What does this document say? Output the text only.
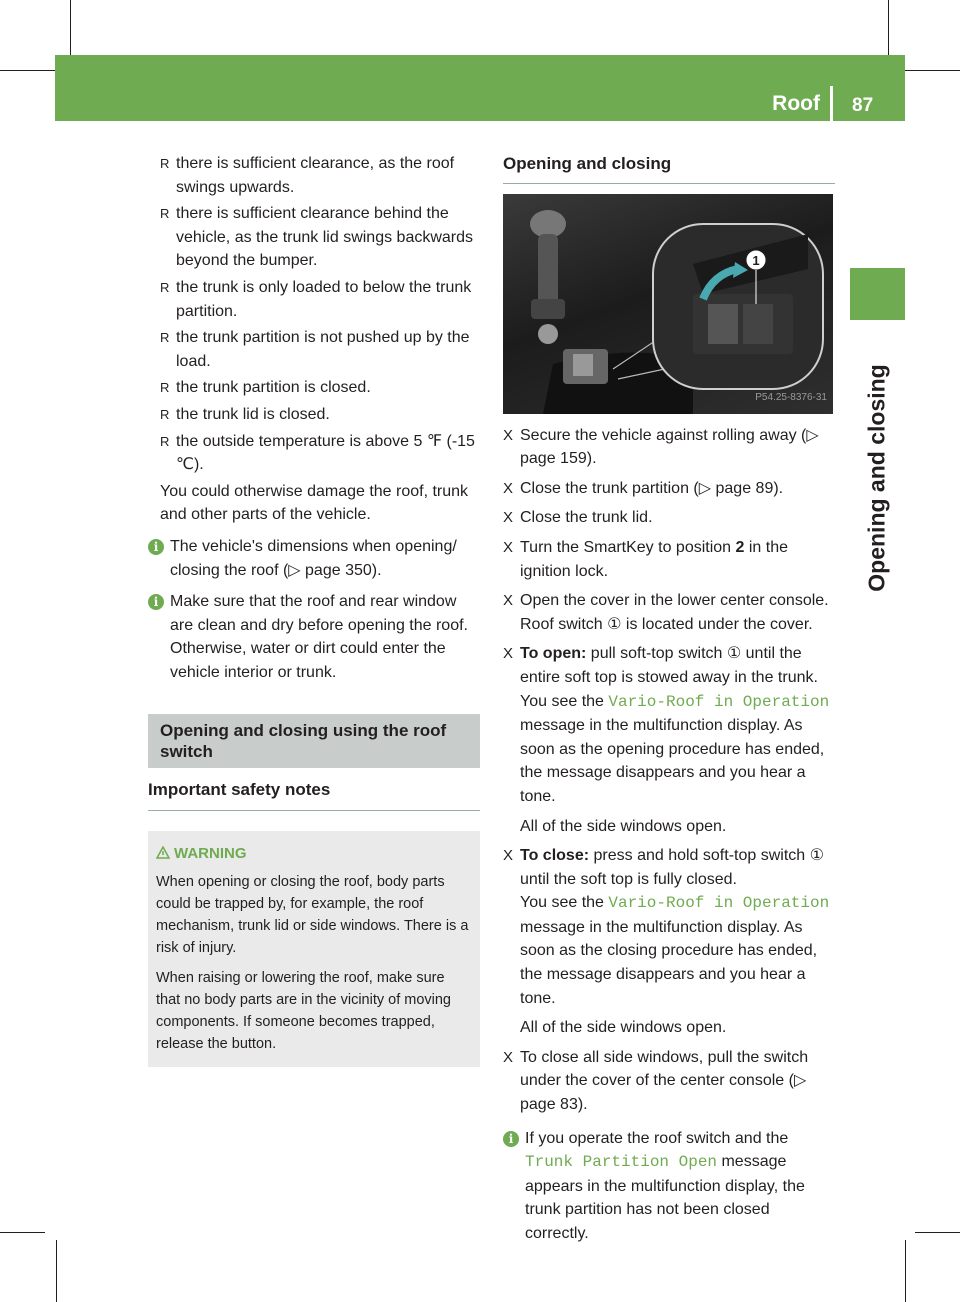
Roof 87
Opening and closing
R there is sufficient clearance, as the roof swings upwards.
R there is sufficient clearance behind the vehicle, as the trunk lid swings backwards beyond the bumper.
R the trunk is only loaded to below the trunk partition.
R the trunk partition is not pushed up by the load.
R the trunk partition is closed.
R the trunk lid is closed.
R the outside temperature is above 5 ℉ (‑15 ℃).
You could otherwise damage the roof, trunk and other parts of the vehicle.
i The vehicle's dimensions when opening/ closing the roof (▷ page 350).
i Make sure that the roof and rear window are clean and dry before opening the roof. Otherwise, water or dirt could enter the vehicle interior or trunk.
Opening and closing using the roof switch
Important safety notes
WARNING

When opening or closing the roof, body parts could be trapped by, for example, the roof mechanism, trunk lid or side windows. There is a risk of injury.

When raising or lowering the roof, make sure that no body parts are in the vicinity of moving components. If someone becomes trapped, release the button.

Opening and closing
1
P54.25-8376-31
X Secure the vehicle against rolling away (▷ page 159).
X Close the trunk partition (▷ page 89).
X Close the trunk lid.
X Turn the SmartKey to position 2 in the ignition lock.
X Open the cover in the lower center console. Roof switch ① is located under the cover.
X To open: pull soft-top switch ① until the entire soft top is stowed away in the trunk.
You see the Vario-Roof in Operation message in the multifunction display. As soon as the opening procedure has ended, the message disappears and you hear a tone.
All of the side windows open.
X To close: press and hold soft-top switch ① until the soft top is fully closed.
You see the Vario-Roof in Operation message in the multifunction display. As soon as the closing procedure has ended, the message disappears and you hear a tone.
All of the side windows open.
X To close all side windows, pull the switch under the cover of the center console (▷ page 83).
i If you operate the roof switch and the Trunk Partition Open message appears in the multifunction display, the trunk partition has not been closed correctly.
